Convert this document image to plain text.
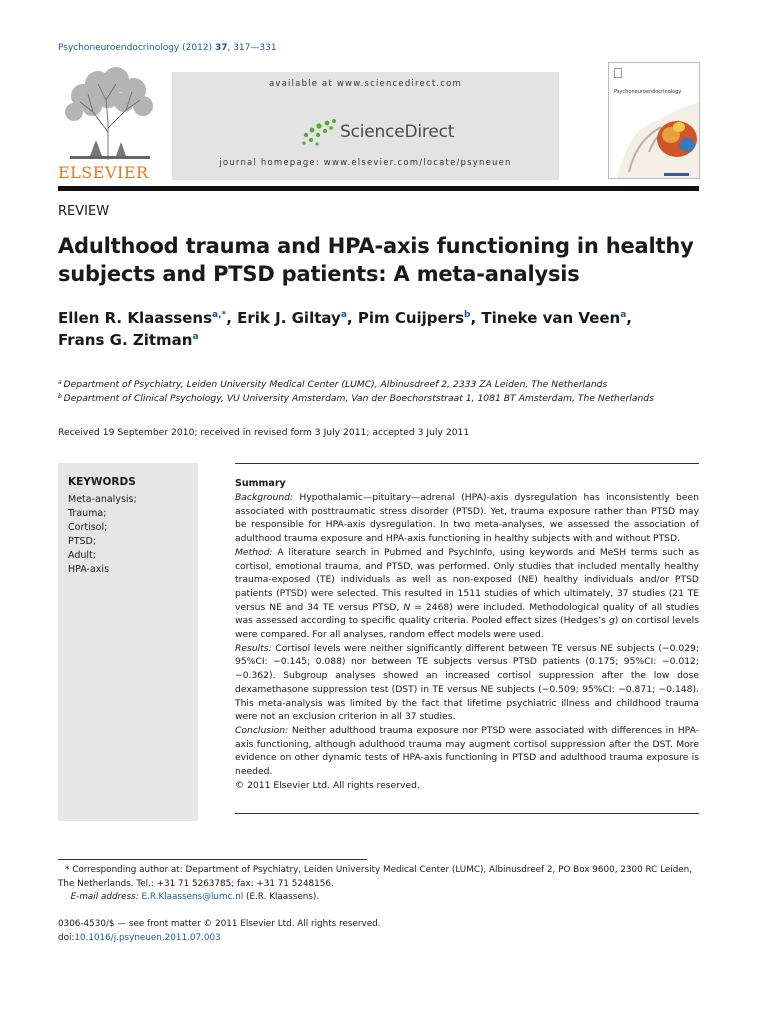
Psychoneuroendocrinology (2012) 37, 317—331
ELSEVIER
available at www.sciencedirect.com
ScienceDirect
journal homepage: www.elsevier.com/locate/psyneuen
Psychoneuroendocrinology
REVIEW
Adulthood trauma and HPA-axis functioning in healthy subjects and PTSD patients: A meta-analysis
Ellen R. Klaassens$^{a,*}$, Erik J. Giltay$^a$, Pim Cuijpers$^b$, Tineke van Veen$^a$,
Frans G. Zitman$^a$
$^a$  Department of Psychiatry, Leiden University Medical Center (LUMC), Albinusdreef 2, 2333 ZA Leiden, The Netherlands
$^b$  Department of Clinical Psychology, VU University Amsterdam, Van der Boechorststraat 1, 1081 BT Amsterdam, The Netherlands
Received 19 September 2010; received in revised form 3 July 2011; accepted 3 July 2011
KEYWORDS
Meta-analysis;
Trauma;
Cortisol;
PTSD;
Adult;
HPA-axis
Summary
Background: Hypothalamic—pituitary—adrenal (HPA)-axis dysregulation has inconsistently been associated with posttraumatic stress disorder (PTSD). Yet, trauma exposure rather than PTSD may be responsible for HPA-axis dysregulation. In two meta-analyses, we assessed the association of adulthood trauma exposure and HPA-axis functioning in healthy subjects with and without PTSD.
Method: A literature search in Pubmed and PsychInfo, using keywords and MeSH terms such as cortisol, emotional trauma, and PTSD, was performed. Only studies that included mentally healthy trauma-exposed (TE) individuals as well as non-exposed (NE) healthy individuals and/or PTSD patients (PTSD) were selected. This resulted in 1511 studies of which ultimately, 37 studies (21 TE versus NE and 34 TE versus PTSD, N = 2468) were included. Methodological quality of all studies was assessed according to specific quality criteria. Pooled effect sizes (Hedges’s g) on cortisol levels were compared. For all analyses, random effect models were used.
Results: Cortisol levels were neither significantly different between TE versus NE subjects (−0.029; 95%CI: −0.145; 0.088) nor between TE subjects versus PTSD patients (0.175; 95%CI: −0.012; −0.362). Subgroup analyses showed an increased cortisol suppression after the low dose dexamethasone suppression test (DST) in TE versus NE subjects (−0.509; 95%CI: −0.871; −0.148). This meta-analysis was limited by the fact that lifetime psychiatric illness and childhood trauma were not an exclusion criterion in all 37 studies.
Conclusion: Neither adulthood trauma exposure nor PTSD were associated with differences in HPA-axis functioning, although adulthood trauma may augment cortisol suppression after the DST. More evidence on other dynamic tests of HPA-axis functioning in PTSD and adulthood trauma exposure is needed.
© 2011 Elsevier Ltd. All rights reserved.
* Corresponding author at: Department of Psychiatry, Leiden University Medical Center (LUMC), Albinusdreef 2, PO Box 9600, 2300 RC Leiden,
The Netherlands. Tel.: +31 71 5263785; fax: +31 71 5248156.
E-mail address: E.R.Klaassens@lumc.nl (E.R. Klaassens).
0306-4530/$ — see front matter © 2011 Elsevier Ltd. All rights reserved.
doi:10.1016/j.psyneuen.2011.07.003
